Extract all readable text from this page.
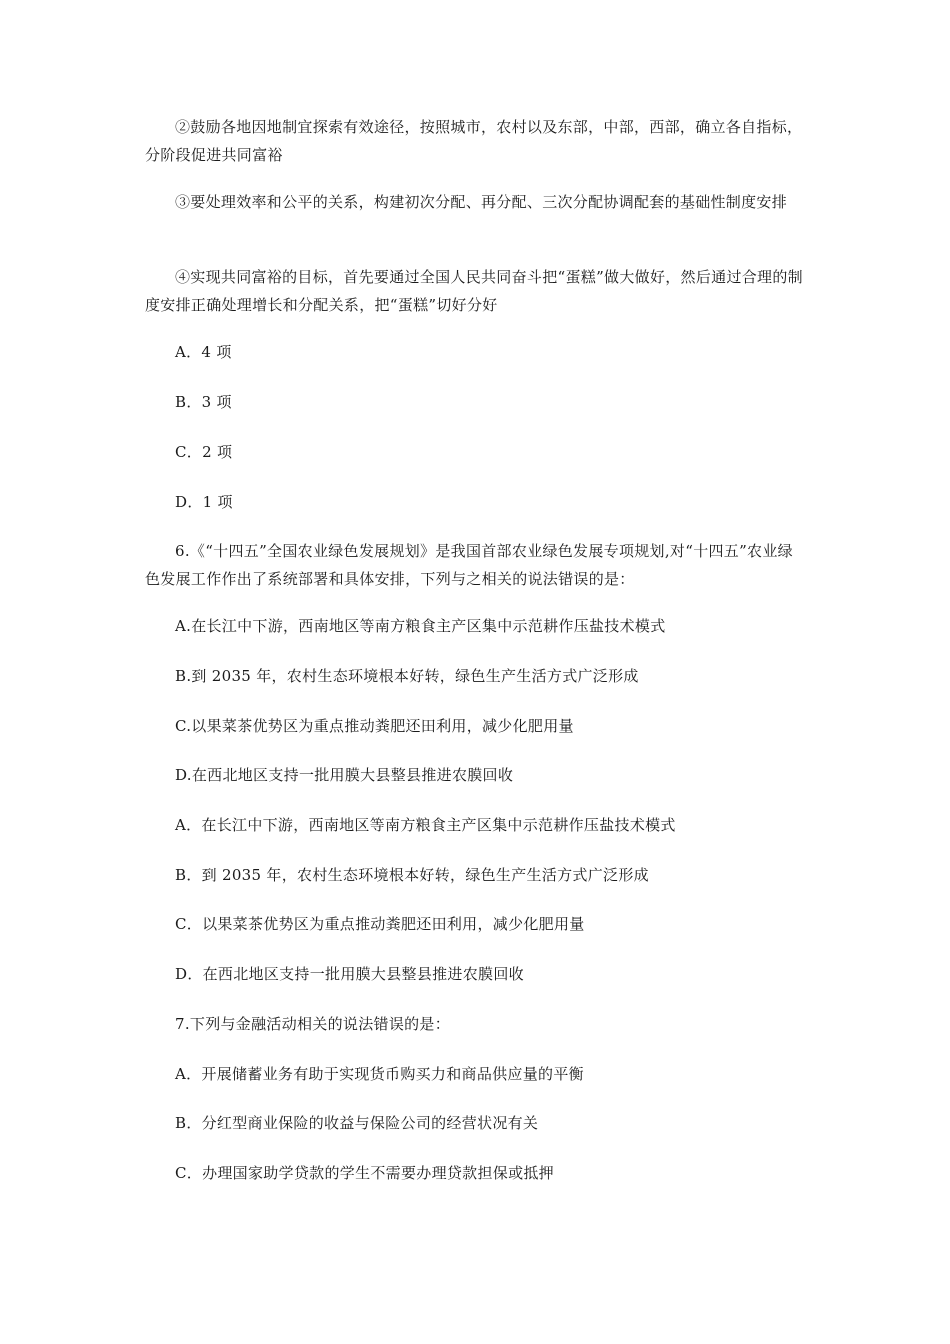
②鼓励各地因地制宜探索有效途径，按照城市，农村以及东部，中部，西部，确立各自指标，分阶段促进共同富裕

③要处理效率和公平的关系，构建初次分配、再分配、三次分配协调配套的基础性制度安排

④实现共同富裕的目标，首先要通过全国人民共同奋斗把“蛋糕”做大做好，然后通过合理的制度安排正确处理增长和分配关系，把“蛋糕”切好分好

A．4 项

B．3 项

C．2 项

D．1 项

6.《“十四五”全国农业绿色发展规划》是我国首部农业绿色发展专项规划,对“十四五”农业绿色发展工作作出了系统部署和具体安排，下列与之相关的说法错误的是：

A.在长江中下游，西南地区等南方粮食主产区集中示范耕作压盐技术模式

B.到 2035 年，农村生态环境根本好转，绿色生产生活方式广泛形成

C.以果菜茶优势区为重点推动粪肥还田利用，减少化肥用量

D.在西北地区支持一批用膜大县整县推进农膜回收

A．在长江中下游，西南地区等南方粮食主产区集中示范耕作压盐技术模式

B．到 2035 年，农村生态环境根本好转，绿色生产生活方式广泛形成

C．以果菜茶优势区为重点推动粪肥还田利用，减少化肥用量

D．在西北地区支持一批用膜大县整县推进农膜回收

7.下列与金融活动相关的说法错误的是：

A．开展储蓄业务有助于实现货币购买力和商品供应量的平衡

B．分红型商业保险的收益与保险公司的经营状况有关

C．办理国家助学贷款的学生不需要办理贷款担保或抵押
